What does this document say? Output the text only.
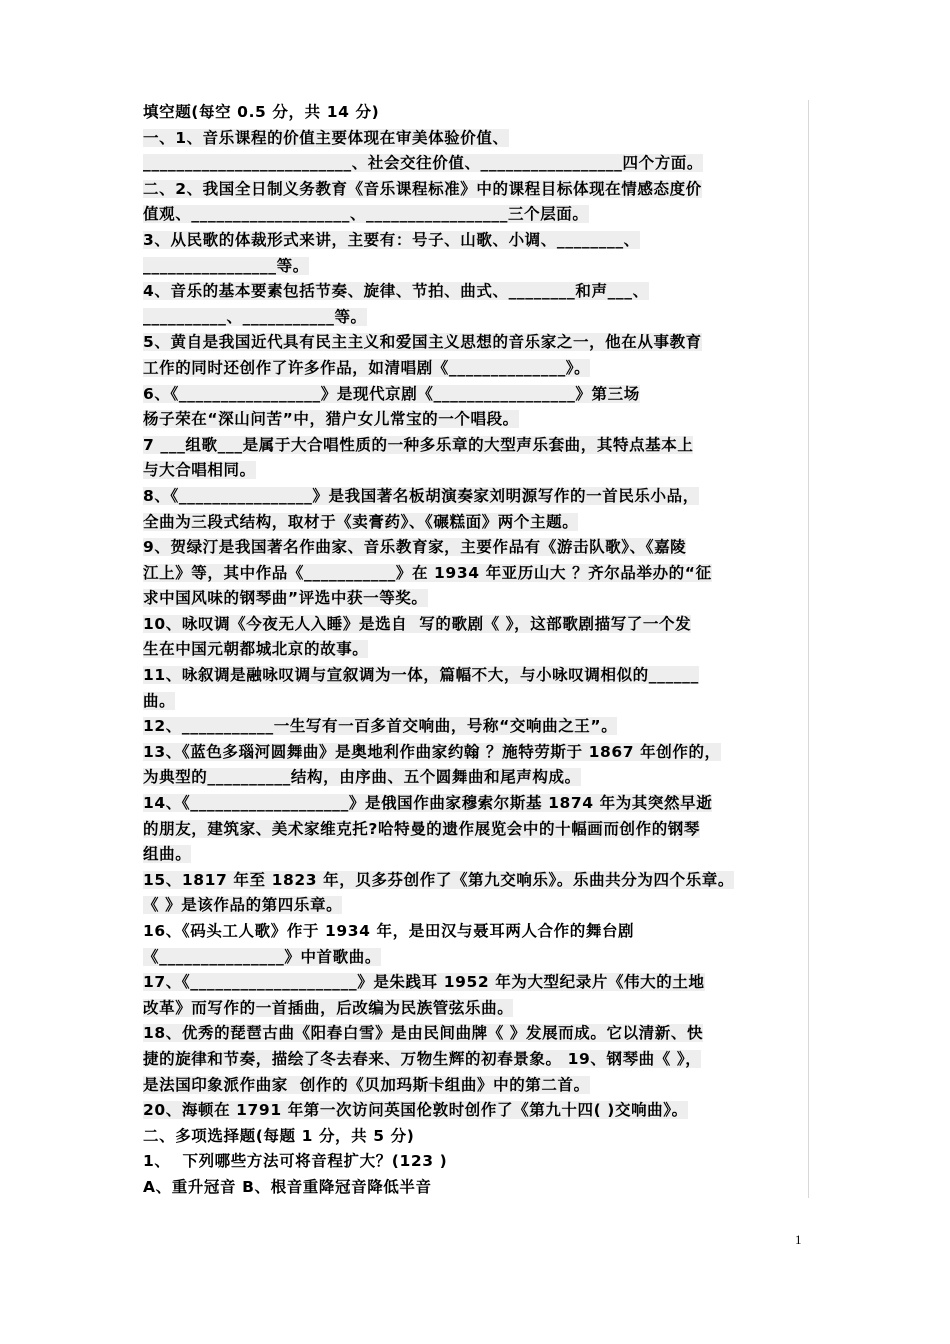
填空题(每空 0.5 分，共 14 分)
一、1、音乐课程的价值主要体现在审美体验价值、
_________________________、社会交往价值、_________________四个方面。
二、2、我国全日制义务教育《音乐课程标准》中的课程目标体现在情感态度价
值观、___________________、_________________三个层面。
3、从民歌的体裁形式来讲，主要有：号子、山歌、小调、________、
________________等。
4、音乐的基本要素包括节奏、旋律、节拍、曲式、________和声___、
__________、___________等。
5、黄自是我国近代具有民主主义和爱国主义思想的音乐家之一，他在从事教育
工作的同时还创作了许多作品，如清唱剧《______________》。
6、《_________________》是现代京剧《_________________》第三场
杨子荣在“深山问苦”中，猎户女儿常宝的一个唱段。
7 ___组歌___是属于大合唱性质的一种多乐章的大型声乐套曲，其特点基本上
与大合唱相同。
8、《________________》是我国著名板胡演奏家刘明源写作的一首民乐小品，
全曲为三段式结构，取材于《卖膏药》、《碾糕面》两个主题。
9、贺绿汀是我国著名作曲家、音乐教育家，主要作品有《游击队歌》、《嘉陵
江上》等，其中作品《___________》在 1934 年亚历山大 ？齐尔品举办的“征
求中国风味的钢琴曲”评选中获一等奖。
10、咏叹调《今夜无人入睡》是选自  写的歌剧《 》，这部歌剧描写了一个发
生在中国元朝都城北京的故事。
11、咏叙调是融咏叹调与宣叙调为一体，篇幅不大，与小咏叹调相似的______
曲。
12、___________一生写有一百多首交响曲，号称“交响曲之王”。
13、《蓝色多瑙河圆舞曲》是奥地利作曲家约翰 ？施特劳斯于 1867 年创作的，
为典型的__________结构，由序曲、五个圆舞曲和尾声构成。
14、《___________________》是俄国作曲家穆索尔斯基 1874 年为其突然早逝
的朋友，建筑家、美术家维克托?哈特曼的遗作展览会中的十幅画而创作的钢琴
组曲。
15、1817 年至 1823 年，贝多芬创作了《第九交响乐》。乐曲共分为四个乐章。
《 》是该作品的第四乐章。
16、《码头工人歌》作于 1934 年，是田汉与聂耳两人合作的舞台剧
《_______________》中首歌曲。
17、《____________________》是朱践耳 1952 年为大型纪录片《伟大的土地
改革》而写作的一首插曲，后改编为民族管弦乐曲。
18、优秀的琵琶古曲《阳春白雪》是由民间曲牌《 》发展而成。它以清新、快
捷的旋律和节奏，描绘了冬去春来、万物生辉的初春景象。 19、钢琴曲《 》，
是法国印象派作曲家  创作的《贝加玛斯卡组曲》中的第二首。
20、海顿在 1791 年第一次访问英国伦敦时创作了《第九十四( )交响曲》。
二、多项选择题(每题 1 分，共 5 分)
1、  下列哪些方法可将音程扩大？(123 )
A、重升冠音 B、根音重降冠音降低半音
1
